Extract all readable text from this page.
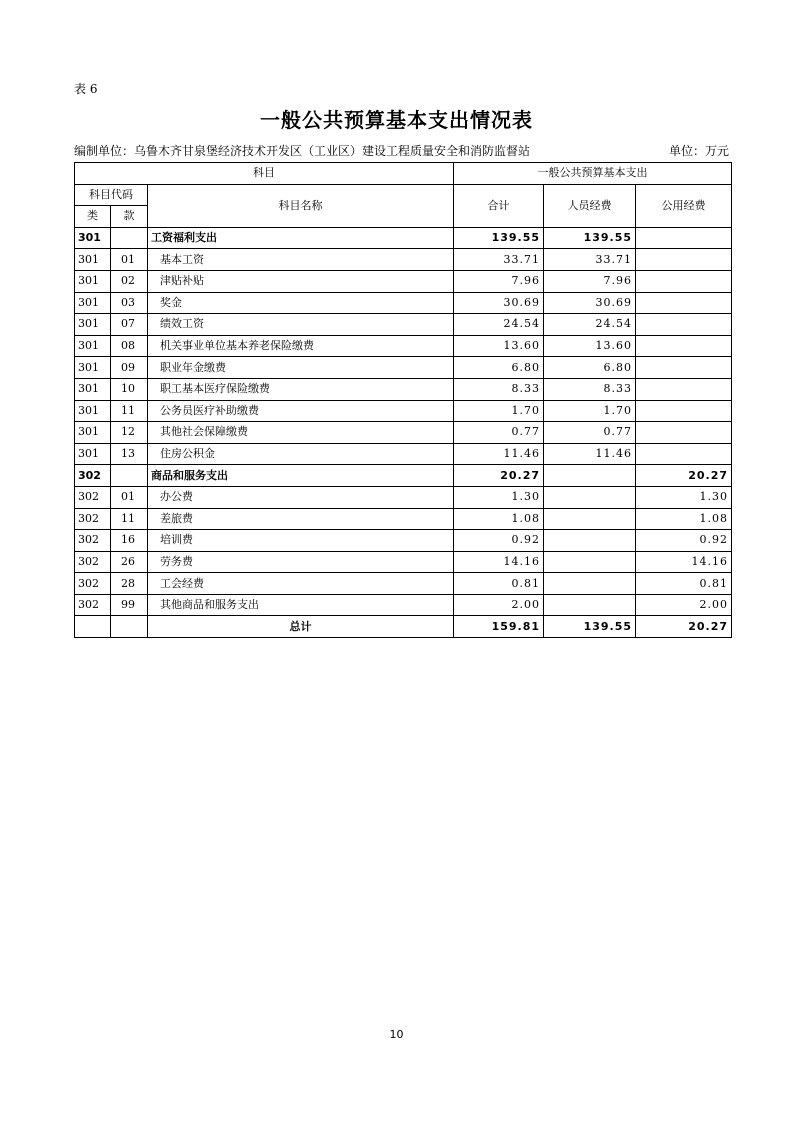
表 6
一般公共预算基本支出情况表
编制单位：乌鲁木齐甘泉堡经济技术开发区（工业区）建设工程质量安全和消防监督站	单位：万元
科目			一般公共预算基本支出		
科目代码		科目名称	合计	人员经费	公用经费
类	款				
301		工资福利支出	139.55	139.55	
301	01	基本工资	33.71	33.71	
301	02	津贴补贴	7.96	7.96	
301	03	奖金	30.69	30.69	
301	07	绩效工资	24.54	24.54	
301	08	机关事业单位基本养老保险缴费	13.60	13.60	
301	09	职业年金缴费	6.80	6.80	
301	10	职工基本医疗保险缴费	8.33	8.33	
301	11	公务员医疗补助缴费	1.70	1.70	
301	12	其他社会保障缴费	0.77	0.77	
301	13	住房公积金	11.46	11.46	
302		商品和服务支出	20.27		20.27
302	01	办公费	1.30		1.30
302	11	差旅费	1.08		1.08
302	16	培训费	0.92		0.92
302	26	劳务费	14.16		14.16
302	28	工会经费	0.81		0.81
302	99	其他商品和服务支出	2.00		2.00
		总计	159.81	139.55	20.27
10
